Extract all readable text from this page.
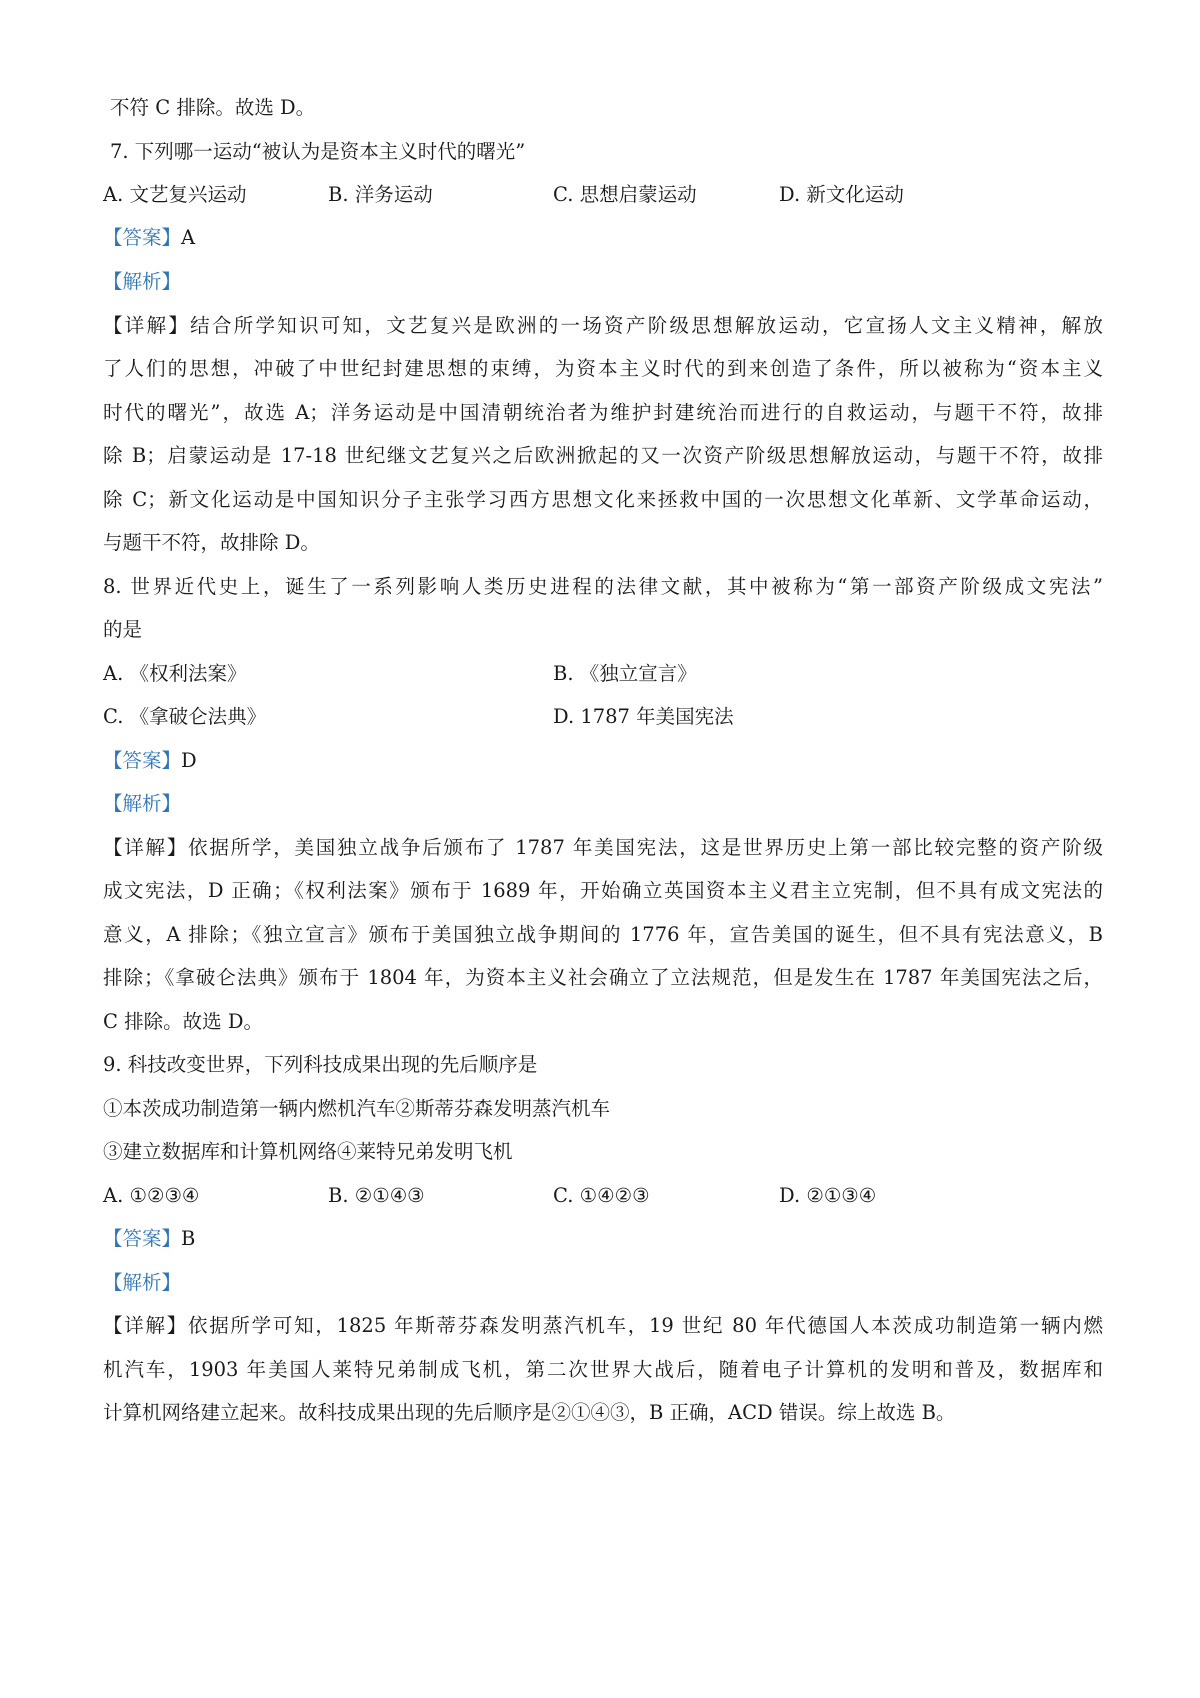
不符 C 排除。故选 D。
7. 下列哪一运动“被认为是资本主义时代的曙光”
A. 文艺复兴运动	B. 洋务运动	C. 思想启蒙运动	D. 新文化运动
【答案】A
【解析】
【详解】结合所学知识可知，文艺复兴是欧洲的一场资产阶级思想解放运动，它宣扬人文主义精神，解放
了人们的思想，冲破了中世纪封建思想的束缚，为资本主义时代的到来创造了条件，所以被称为“资本主义
时代的曙光”，故选 A；洋务运动是中国清朝统治者为维护封建统治而进行的自救运动，与题干不符，故排
除 B；启蒙运动是 17-18 世纪继文艺复兴之后欧洲掀起的又一次资产阶级思想解放运动，与题干不符，故排
除 C；新文化运动是中国知识分子主张学习西方思想文化来拯救中国的一次思想文化革新、文学革命运动，
与题干不符，故排除 D。
8. 世界近代史上，诞生了一系列影响人类历史进程的法律文献，其中被称为“第一部资产阶级成文宪法”
的是
A. 《权利法案》	B. 《独立宣言》
C. 《拿破仑法典》	D. 1787 年美国宪法
【答案】D
【解析】
【详解】依据所学，美国独立战争后颁布了 1787 年美国宪法，这是世界历史上第一部比较完整的资产阶级
成文宪法，D 正确；《权利法案》颁布于 1689 年，开始确立英国资本主义君主立宪制，但不具有成文宪法的
意义，A 排除；《独立宣言》颁布于美国独立战争期间的 1776 年，宣告美国的诞生，但不具有宪法意义，B
排除；《拿破仑法典》颁布于 1804 年，为资本主义社会确立了立法规范，但是发生在 1787 年美国宪法之后，
C 排除。故选 D。
9. 科技改变世界，下列科技成果出现的先后顺序是
①本茨成功制造第一辆内燃机汽车②斯蒂芬森发明蒸汽机车
③建立数据库和计算机网络④莱特兄弟发明飞机
A. ①②③④	B. ②①④③	C. ①④②③	D. ②①③④
【答案】B
【解析】
【详解】依据所学可知，1825 年斯蒂芬森发明蒸汽机车，19 世纪 80 年代德国人本茨成功制造第一辆内燃
机汽车，1903 年美国人莱特兄弟制成飞机，第二次世界大战后，随着电子计算机的发明和普及，数据库和
计算机网络建立起来。故科技成果出现的先后顺序是②①④③，B 正确，ACD 错误。综上故选 B。
